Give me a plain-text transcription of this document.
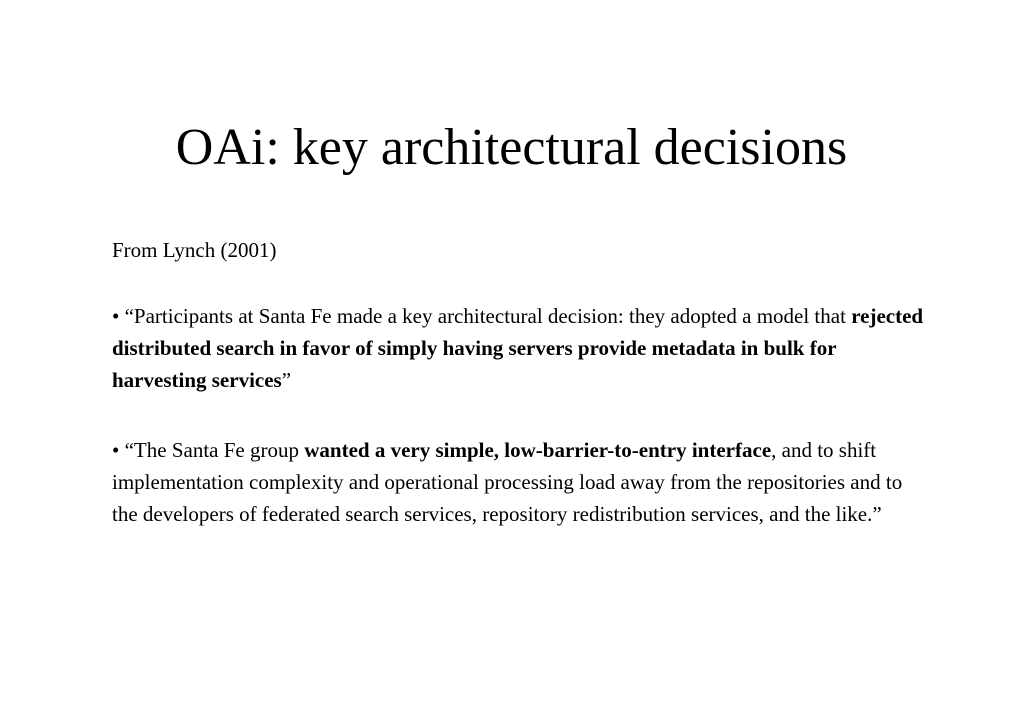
OAi: key architectural decisions

From Lynch (2001)

• “Participants at Santa Fe made a key architectural decision: they adopted a model that rejected distributed search in favor of simply having servers provide metadata in bulk for harvesting services”

• “The Santa Fe group wanted a very simple, low-barrier-to-entry interface, and to shift implementation complexity and operational processing load away from the repositories and to the developers of federated search services, repository redistribution services, and the like.”
